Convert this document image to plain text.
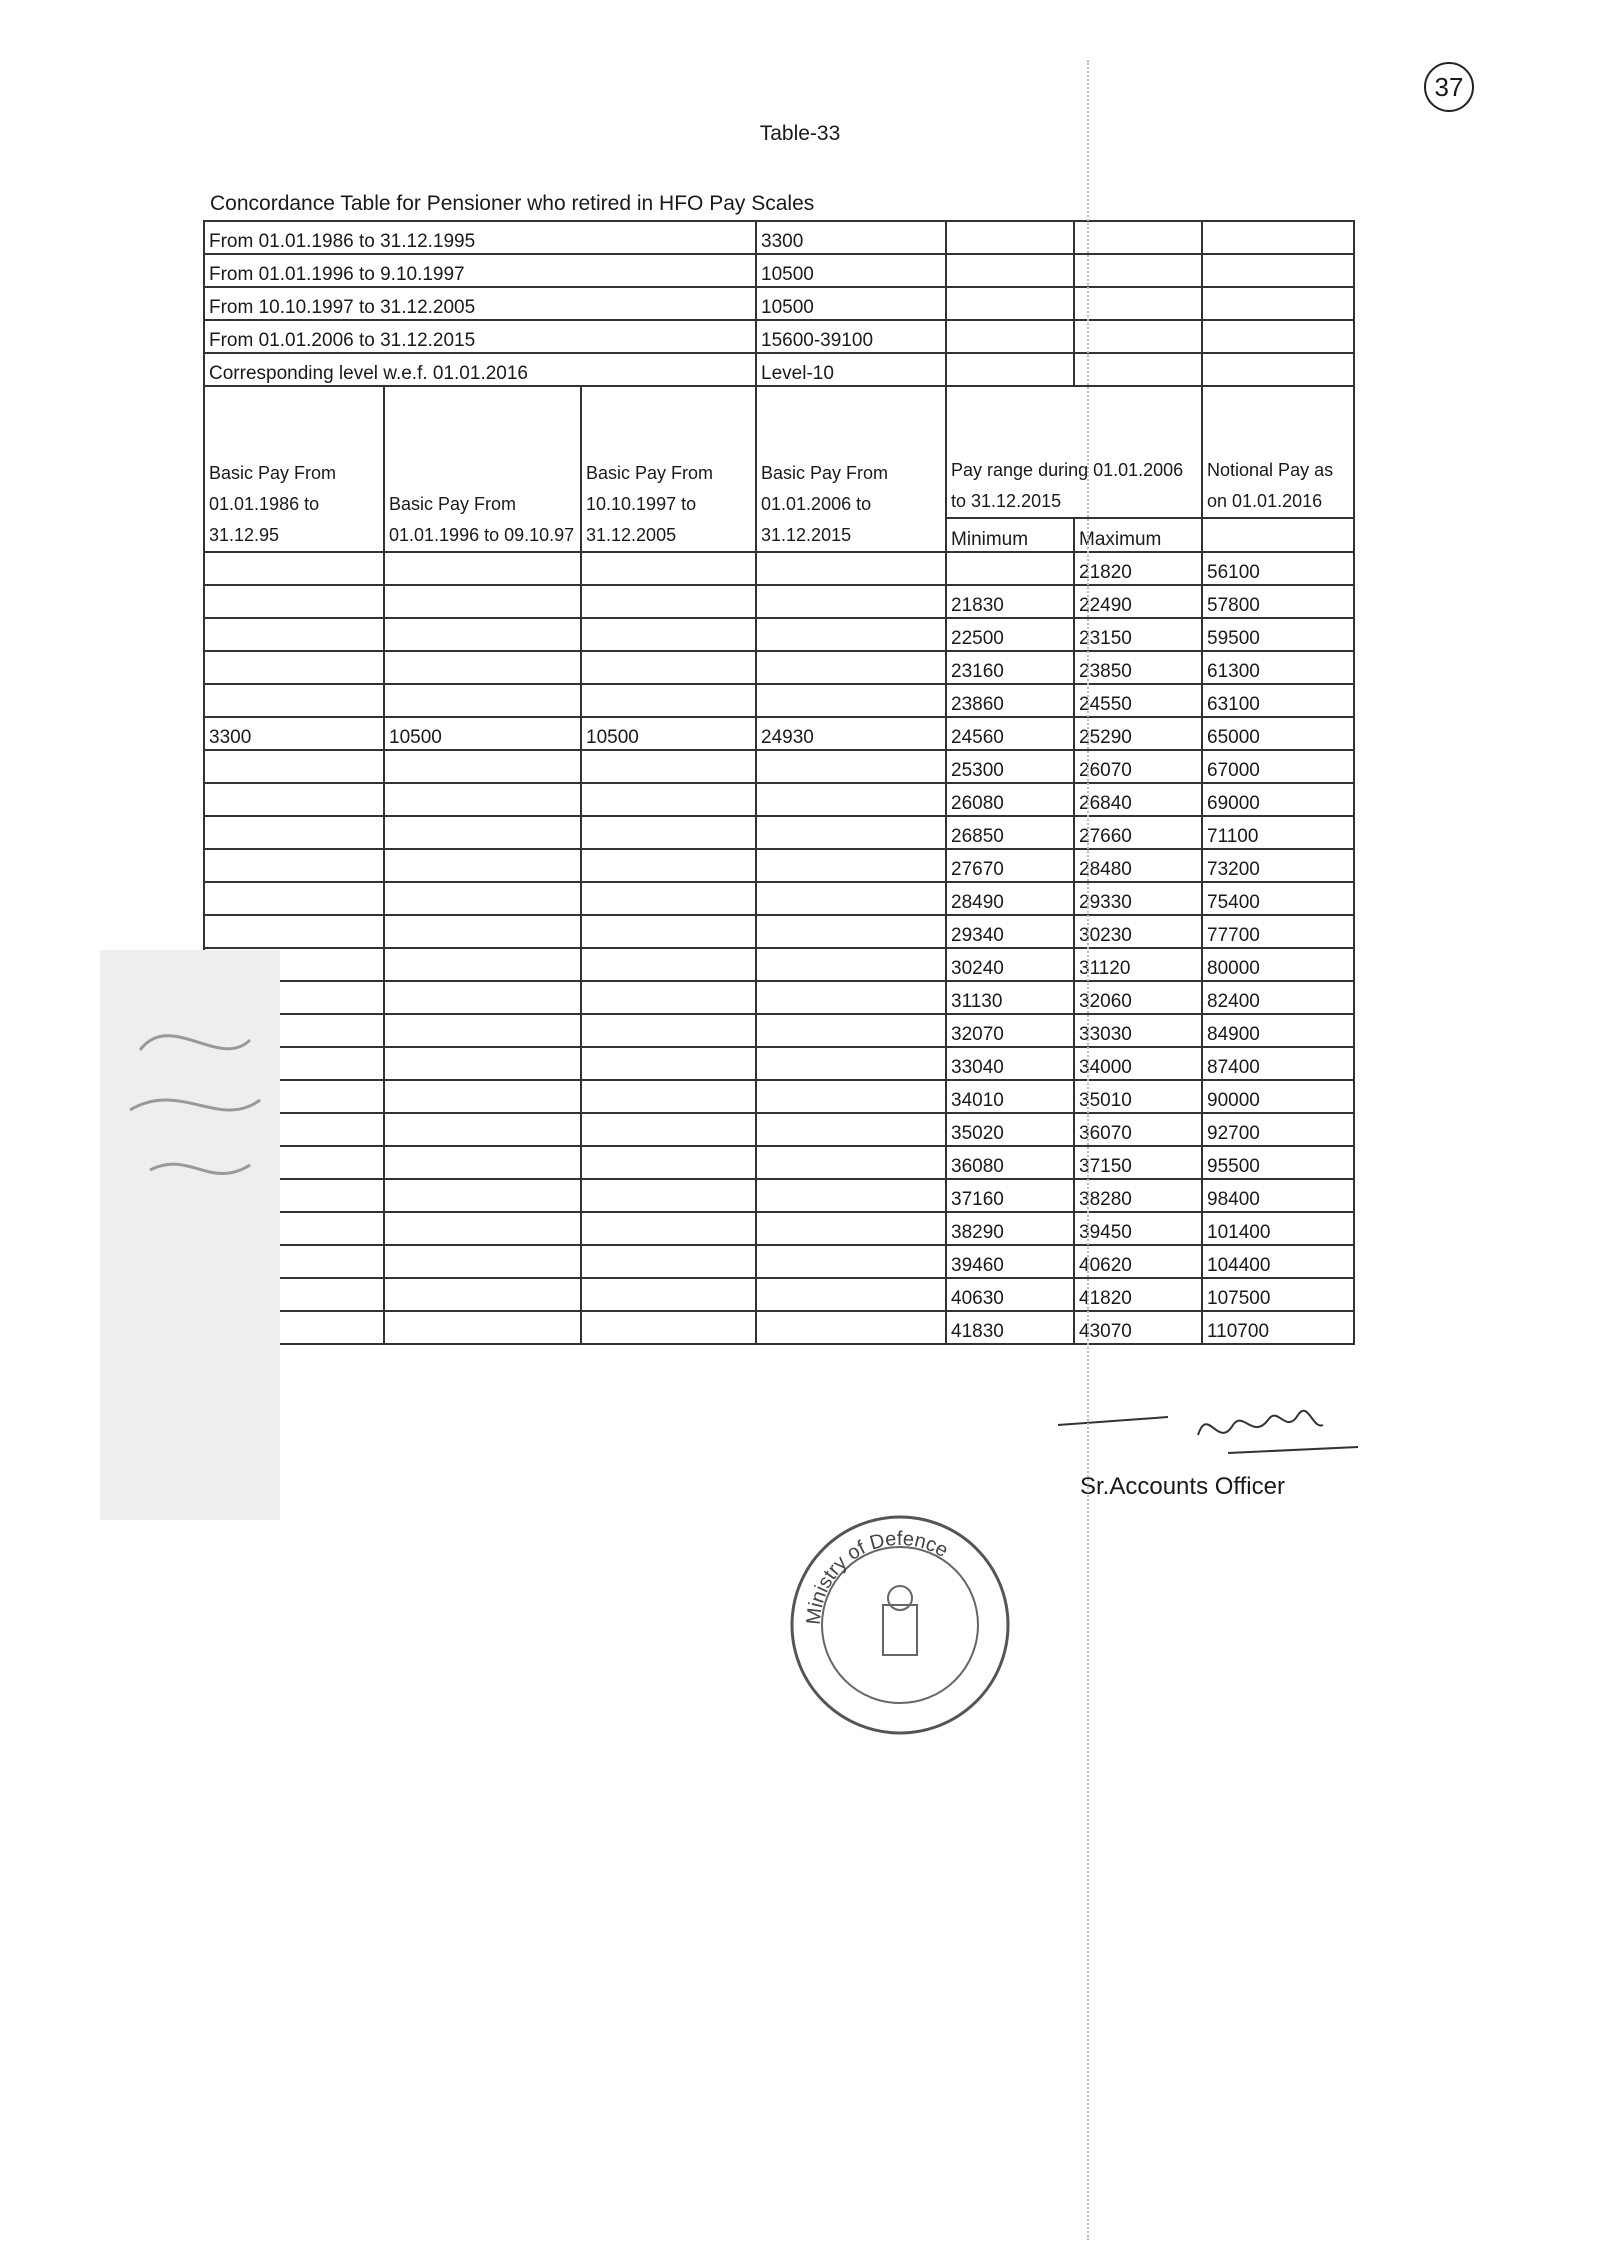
37
Table-33
Concordance Table for Pensioner who retired in HFO Pay Scales
From 01.01.1986 to 31.12.1995			3300			
From 01.01.1996 to 9.10.1997			10500			
From 10.10.1997 to 31.12.2005			10500			
From 01.01.2006 to 31.12.2015			15600-39100			
Corresponding level w.e.f. 01.01.2016			Level-10			
Basic Pay From 01.01.1986 to 31.12.95	Basic Pay From 01.01.1996 to 09.10.97	Basic Pay From 10.10.1997 to 31.12.2005	Basic Pay From 01.01.2006 to 31.12.2015	Pay range during 01.01.2006 to 31.12.2015		Notional Pay as on 01.01.2016
				Minimum	Maximum	
					21820	56100
				21830	22490	57800
				22500	23150	59500
				23160	23850	61300
				23860	24550	63100
3300	10500	10500	24930	24560	25290	65000
				25300	26070	67000
				26080	26840	69000
				26850	27660	71100
				27670	28480	73200
				28490	29330	75400
				29340	30230	77700
				30240	31120	80000
				31130	32060	82400
				32070	33030	84900
				33040	34000	87400
				34010	35010	90000
				35020	36070	92700
				36080	37150	95500
				37160	38280	98400
				38290	39450	101400
				39460	40620	104400
				40630	41820	107500
				41830	43070	110700
Sr.Accounts Officer
Ministry of Defence
